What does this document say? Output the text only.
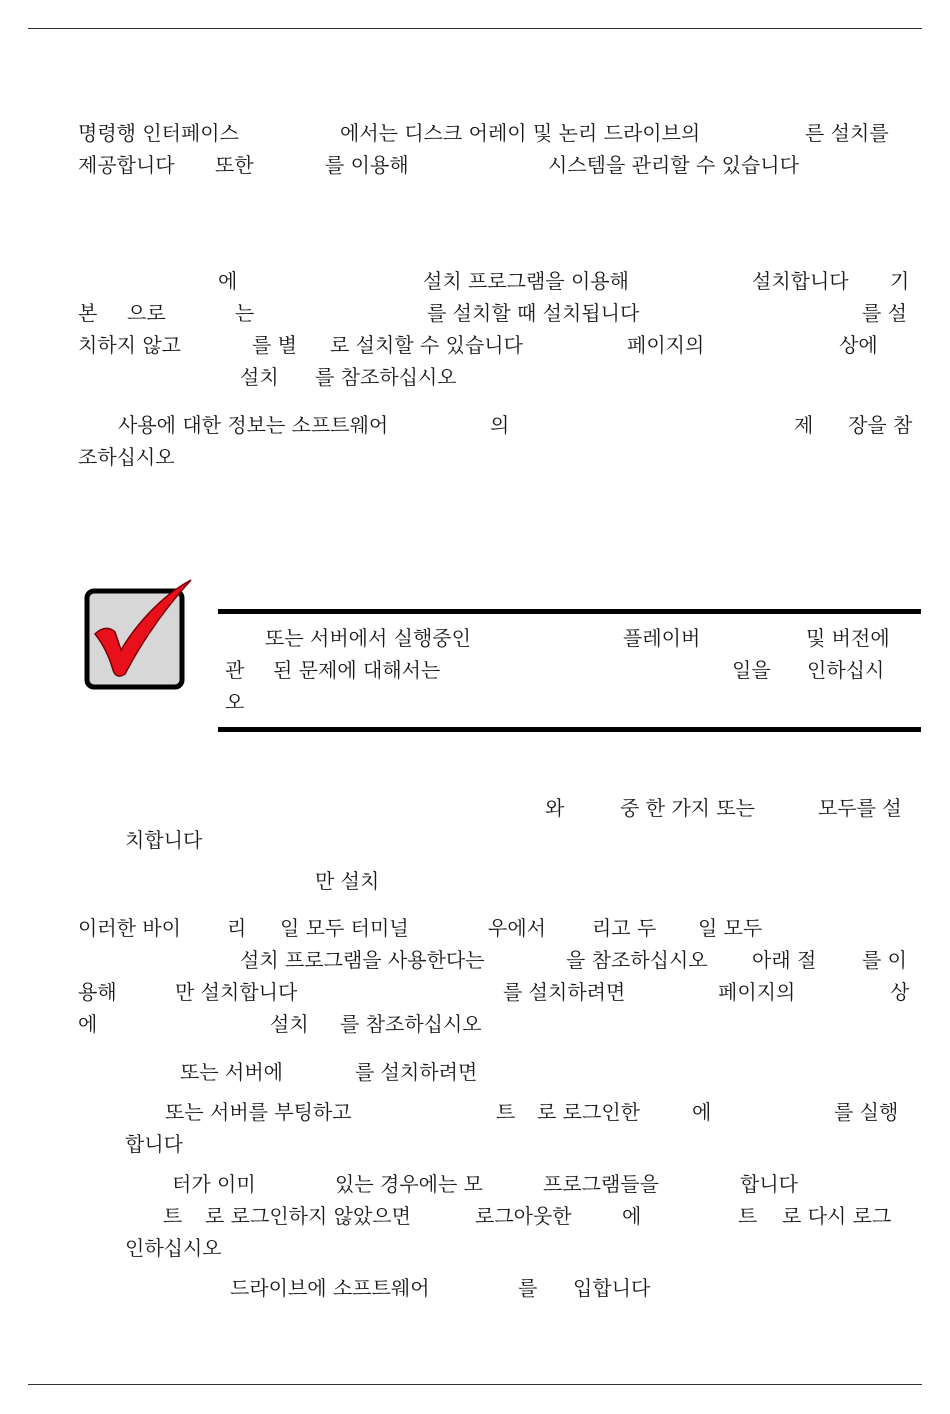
명령행 인터페이스	에서는 디스크 어레이 및 논리 드라이브의	른 설치를
제공합니다 또한	를 이용해	시스템을 관리할 수 있습니다
에	설치 프로그램을 이용해	설치합니다 기
본 으로	는	를 설치할 때 설치됩니다	를 설
치하지 않고	를 별 로 설치할 수 있습니다	페이지의	상에
설치 를 참조하십시오
사용에 대한 정보는 소프트웨어	의	제 장을 참
조하십시오
또는 서버에서 실행중인	플레이버	및 버전에
관 된 문제에 대해서는	일을 인하십시
오
와	중 한 가지 또는	모두를 설
치합니다
만 설치
이러한 바이 리 일 모두 터미널	우에서 리고 두 일 모두
설치 프로그램을 사용한다는	을 참조하십시오 아래 절 를 이
용해	만 설치합니다	를 설치하려면	페이지의	상
에	설치 를 참조하십시오
또는 서버에	를 설치하려면
또는 서버를 부팅하고	트 로 로그인한	에	를 실행
합니다
터가 이미	있는 경우에는 모	프로그램들을	합니다
트 로 로그인하지 않았으면	로그아웃한	에	트 로 다시 로그
인하십시오
드라이브에 소프트웨어	를 입합니다
